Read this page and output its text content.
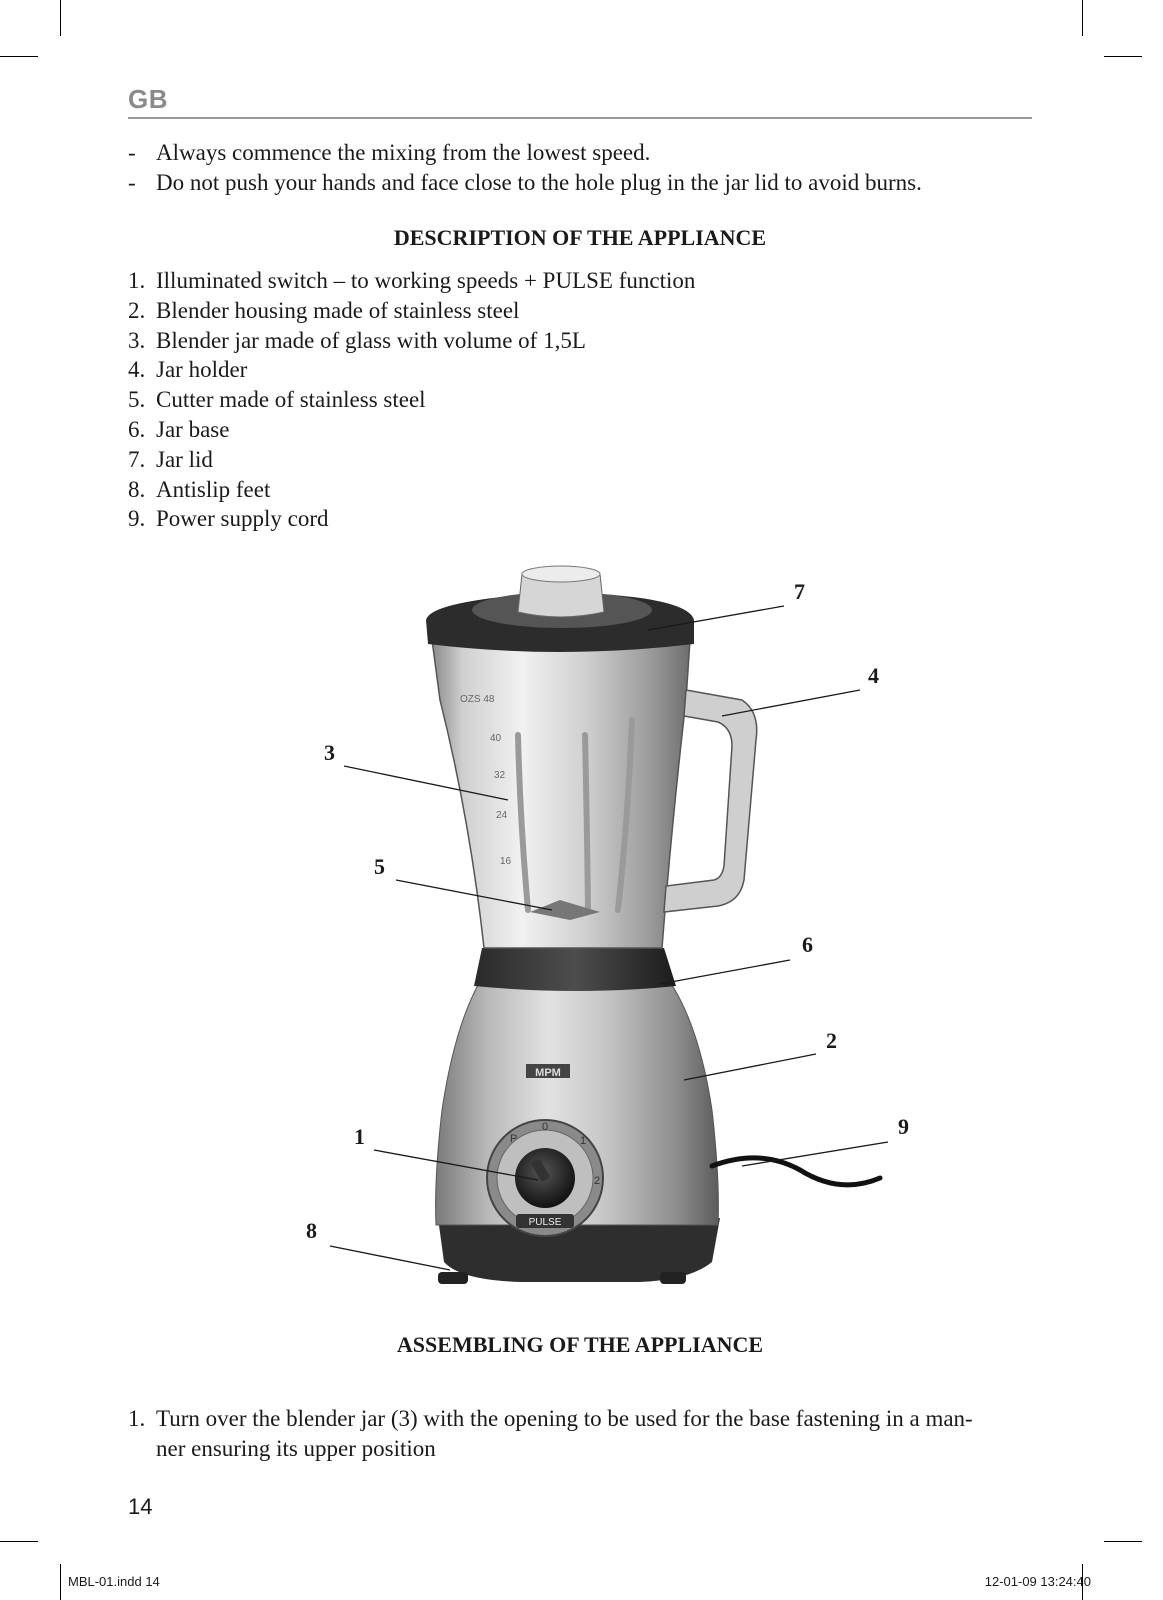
GB
- Always commence the mixing from the lowest speed.
- Do not push your hands and face close to the hole plug in the jar lid to avoid burns.
DESCRIPTION OF THE APPLIANCE
1. Illuminated switch – to working speeds + PULSE function
2. Blender housing made of stainless steel
3. Blender jar made of glass with volume of 1,5L
4. Jar holder
5. Cutter made of stainless steel
6. Jar base
7. Jar lid
8. Antislip feet
9. Power supply cord
MPM
P
0
1
2
PULSE
OZS 48
40
32
24
16
7
4
3
5
6
2
1	9
8
ASSEMBLING OF THE APPLIANCE
1. Turn over the blender jar (3) with the opening to be used for the base fastening in a man-
ner ensuring its upper position
14
MBL-01.indd 14	12-01-09 13:24:40
